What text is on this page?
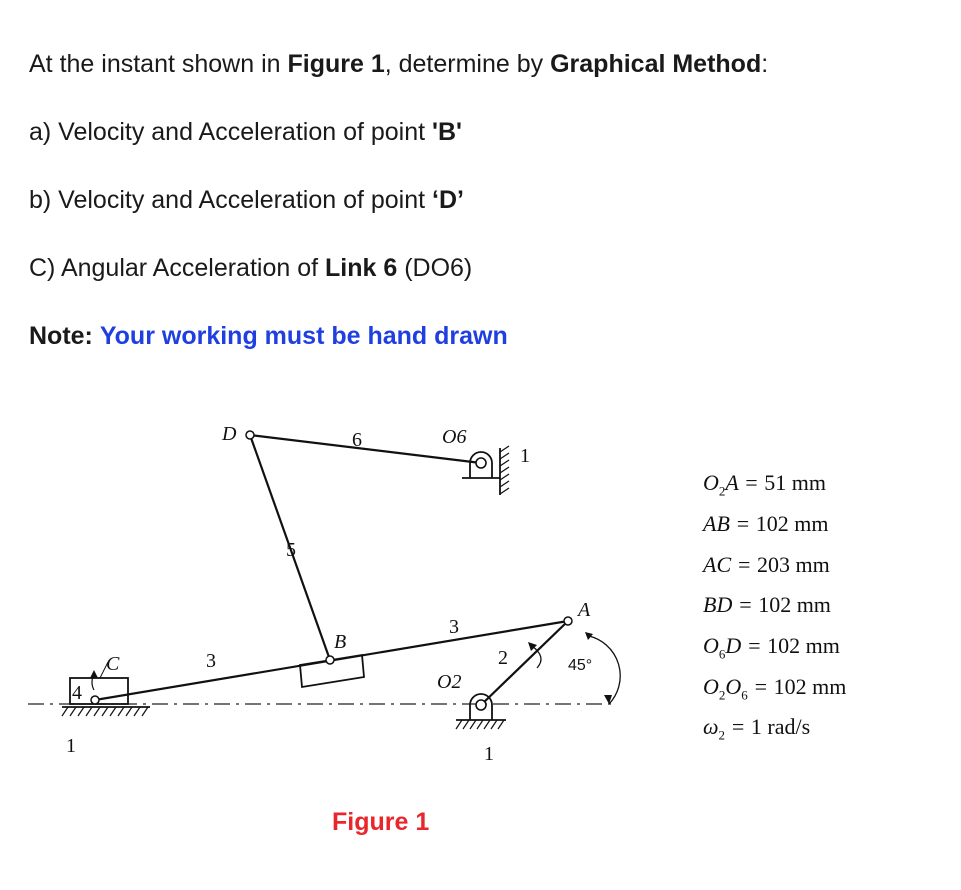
At the instant shown in Figure 1, determine by Graphical Method:
a) Velocity and Acceleration of point 'B'
b) Velocity and Acceleration of point ‘D’
C) Angular Acceleration of Link 6 (DO6)
Note: Your working must be hand drawn
D
B
C
A
O6
O2
6
5
3
3
2
4
1
1
1
45°
$O_2A = 51$ mm
AB = 102 mm
AC = 203 mm
BD = 102 mm
$O_6D = 102$ mm
$O_2O_6 = 102$ mm
$\omega_2 = 1$ rad/s
Figure 1
